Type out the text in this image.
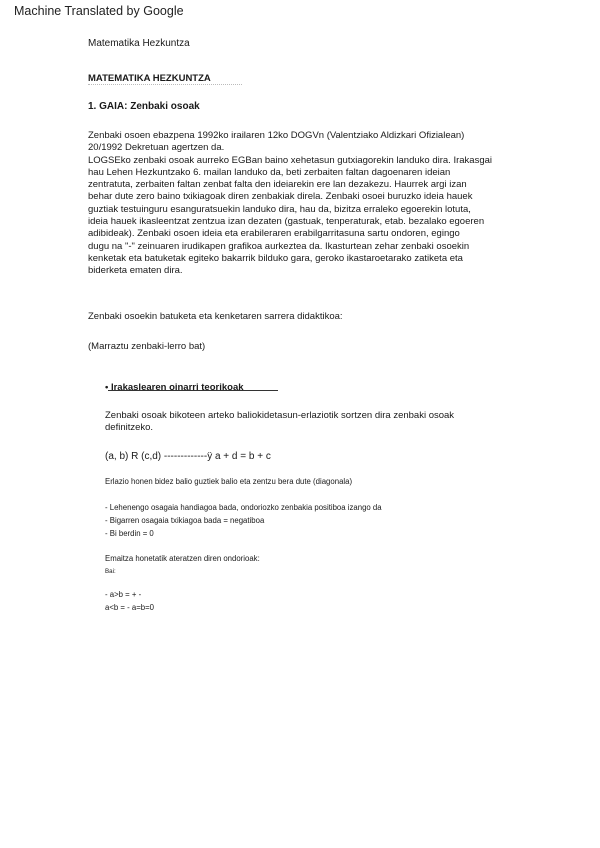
Machine Translated by Google
Matematika Hezkuntza
MATEMATIKA HEZKUNTZA
1. GAIA: Zenbaki osoak

Zenbaki osoen ebazpena 1992ko irailaren 12ko DOGVn (Valentziako Aldizkari Ofizialean)
20/1992 Dekretuan agertzen da.
LOGSEko zenbaki osoak aurreko EGBan baino xehetasun gutxiagorekin landuko dira. Irakasgai
hau Lehen Hezkuntzako 6. mailan landuko da, beti zerbaiten faltan dagoenaren ideian
zentratuta, zerbaiten faltan zenbat falta den ideiarekin ere lan dezakezu. Haurrek argi izan
behar dute zero baino txikiagoak diren zenbakiak direla. Zenbaki osoei buruzko ideia hauek
guztiak testuinguru esanguratsuekin landuko dira, hau da, bizitza erraleko egoerekin lotuta,
ideia hauek ikasleentzat zentzua izan dezaten (gastuak, tenperaturak, etab. bezalako egoeren
adibideak). Zenbaki osoen ideia eta erabileraren erabilgarritasuna sartu ondoren, egingo
dugu na "-" zeinuaren irudikapen grafikoa aurkeztea da. Ikasturtean zehar zenbaki osoekin
kenketak eta batuketak egiteko bakarrik bilduko gara, geroko ikastaroetarako zatiketa eta
biderketa ematen dira.

Zenbaki osoekin batuketa eta kenketaren sarrera didaktikoa:

(Marraztu zenbaki-lerro bat)

• Irakaslearen oinarri teorikoak

Zenbaki osoak bikoteen arteko baliokidetasun-erlaziotik sortzen dira zenbaki osoak
definitzeko.

(a, b) R (c,d) -------------ÿ a + d = b + c

Erlazio honen bidez balio guztiek balio eta zentzu bera dute (diagonala)

- Lehenengo osagaia handiagoa bada, ondoriozko zenbakia positiboa izango da
- Bigarren osagaia txikiagoa bada = negatiboa
- Bi berdin = 0

Emaitza honetatik ateratzen diren ondorioak:
Bai:

- a>b = + -
a<b = - a=b=0
